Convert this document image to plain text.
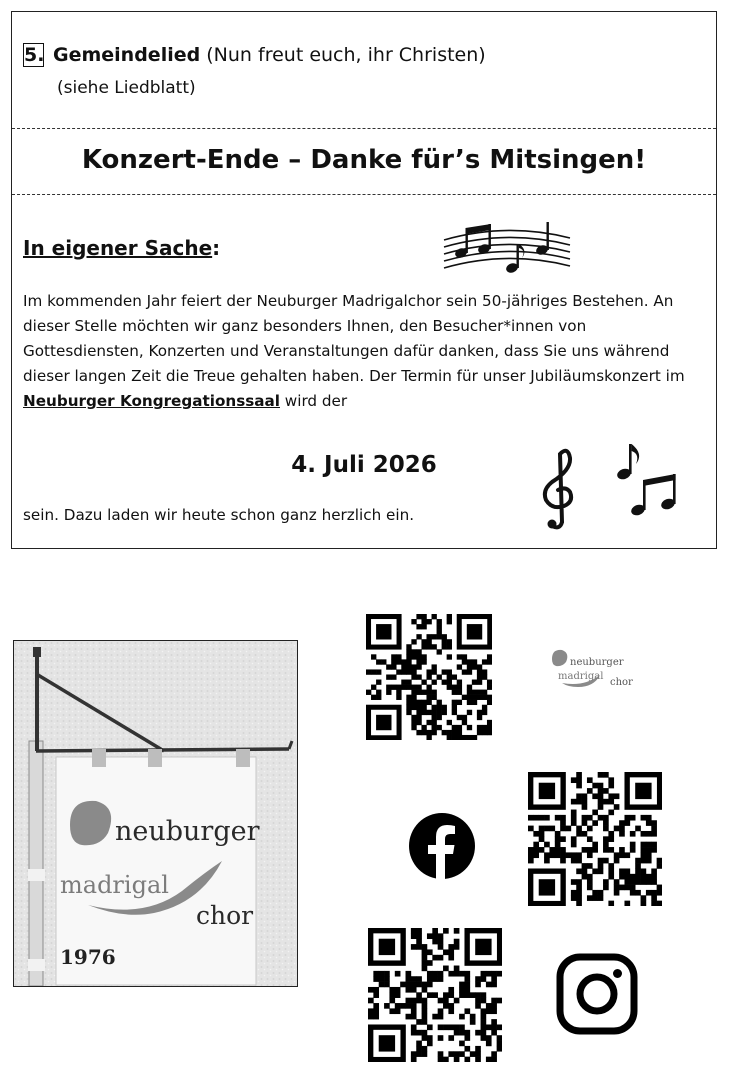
5. Gemeindelied (Nun freut euch, ihr Christen)
(siehe Liedblatt)
Konzert-Ende – Danke für’s Mitsingen!
In eigener Sache:
Im kommenden Jahr feiert der Neuburger Madrigalchor sein 50-jähriges Bestehen. An dieser Stelle möchten wir ganz besonders Ihnen, den Besucher*innen von Gottesdiensten, Konzerten und Veranstaltungen dafür danken, dass Sie uns während dieser langen Zeit die Treue gehalten haben. Der Termin für unser Jubiläumskonzert im Neuburger Kongregationssaal wird der
4. Juli 2026
sein. Dazu laden wir heute schon ganz herzlich ein.
neuburger
madrigal
chor
1976
neuburger
madrigal
chor
